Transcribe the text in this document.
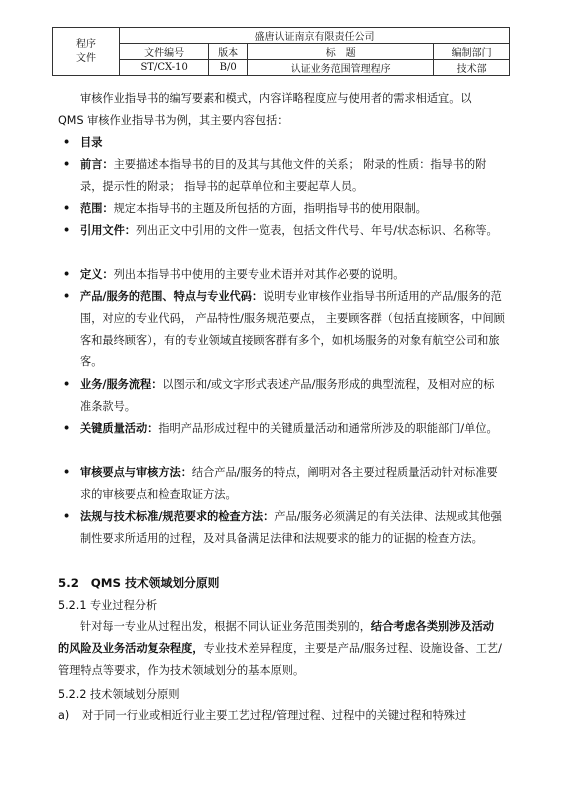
程序
文件	盛唐认证南京有限责任公司			
	文件编号	版本	标　题	编制部门
	ST/CX-10	B/0	认证业务范围管理程序	技术部
审核作业指导书的编写要素和模式，内容详略程度应与使用者的需求相适宜。以
QMS 审核作业指导书为例，其主要内容包括：
• 目录
• 前言：主要描述本指导书的目的及其与其他文件的关系； 附录的性质：指导书的附录，提示性的附录； 指导书的起草单位和主要起草人员。
• 范围：规定本指导书的主题及所包括的方面，指明指导书的使用限制。
• 引用文件：列出正文中引用的文件一览表，包括文件代号、年号/状态标识、名称等。
• 定义：列出本指导书中使用的主要专业术语并对其作必要的说明。
• 产品/服务的范围、特点与专业代码：说明专业审核作业指导书所适用的产品/服务的范围，对应的专业代码， 产品特性/服务规范要点， 主要顾客群（包括直接顾客，中间顾客和最终顾客），有的专业领域直接顾客群有多个，如机场服务的对象有航空公司和旅客。
• 业务/服务流程：以图示和/或文字形式表述产品/服务形成的典型流程，及相对应的标准条款号。
• 关键质量活动：指明产品形成过程中的关键质量活动和通常所涉及的职能部门/单位。
• 审核要点与审核方法：结合产品/服务的特点，阐明对各主要过程质量活动针对标准要求的审核要点和检查取证方法。
• 法规与技术标准/规范要求的检查方法：产品/服务必须满足的有关法律、法规或其他强制性要求所适用的过程，及对具备满足法律和法规要求的能力的证据的检查方法。
5.2　QMS 技术领域划分原则
5.2.1 专业过程分析
针对每一专业从过程出发，根据不同认证业务范围类别的，结合考虑各类别涉及活动的风险及业务活动复杂程度，专业技术差异程度，主要是产品/服务过程、设施设备、工艺/管理特点等要求，作为技术领域划分的基本原则。
5.2.2 技术领域划分原则
a) 对于同一行业或相近行业主要工艺过程/管理过程、过程中的关键过程和特殊过
